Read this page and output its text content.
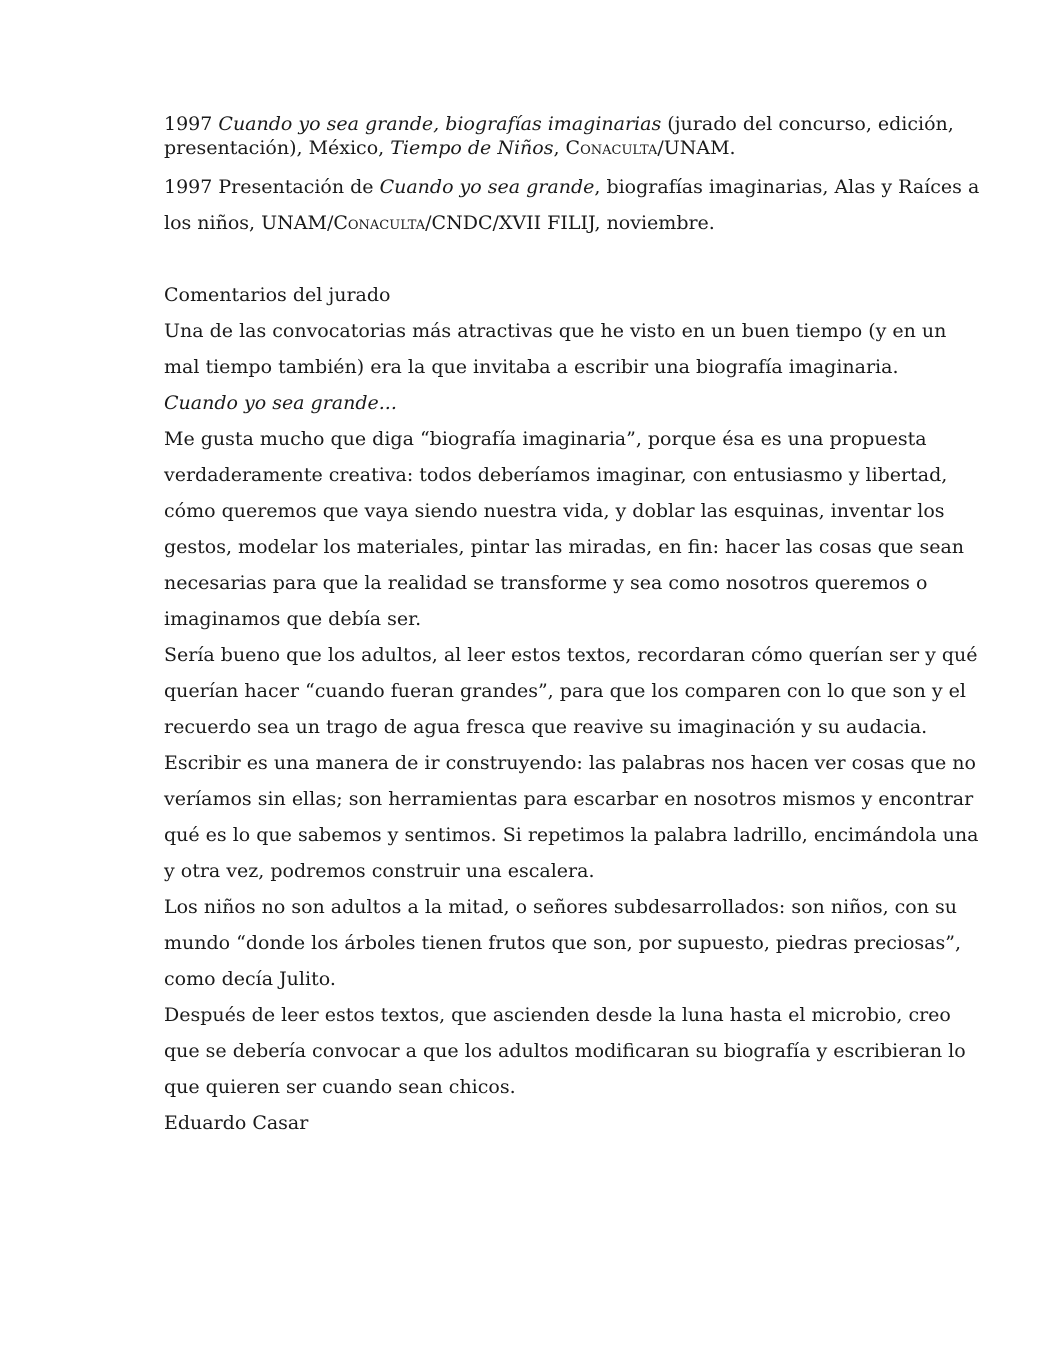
1997 Cuando yo sea grande, biografías imaginarias (jurado del concurso, edición, presentación), México, Tiempo de Niños, Conaculta/UNAM.

1997 Presentación de Cuando yo sea grande, biografías imaginarias, Alas y Raíces a los niños, UNAM/Conaculta/CNDC/XVII FILIJ, noviembre.

Comentarios del jurado

Una de las convocatorias más atractivas que he visto en un buen tiempo (y en un mal tiempo también) era la que invitaba a escribir una biografía imaginaria.

Cuando yo sea grande...

Me gusta mucho que diga “biografía imaginaria”, porque ésa es una propuesta verdaderamente creativa: todos deberíamos imaginar, con entusiasmo y libertad, cómo queremos que vaya siendo nuestra vida, y doblar las esquinas, inventar los gestos, modelar los materiales, pintar las miradas, en fin: hacer las cosas que sean necesarias para que la realidad se transforme y sea como nosotros queremos o imaginamos que debía ser.

Sería bueno que los adultos, al leer estos textos, recordaran cómo querían ser y qué querían hacer “cuando fueran grandes”, para que los comparen con lo que son y el recuerdo sea un trago de agua fresca que reavive su imaginación y su audacia.

Escribir es una manera de ir construyendo: las palabras nos hacen ver cosas que no veríamos sin ellas; son herramientas para escarbar en nosotros mismos y encontrar qué es lo que sabemos y sentimos. Si repetimos la palabra ladrillo, encimándola una y otra vez, podremos construir una escalera.

Los niños no son adultos a la mitad, o señores subdesarrollados: son niños, con su mundo “donde los árboles tienen frutos que son, por supuesto, piedras preciosas”, como decía Julito.

Después de leer estos textos, que ascienden desde la luna hasta el microbio, creo que se debería convocar a que los adultos modificaran su biografía y escribieran lo que quieren ser cuando sean chicos.

Eduardo Casar
